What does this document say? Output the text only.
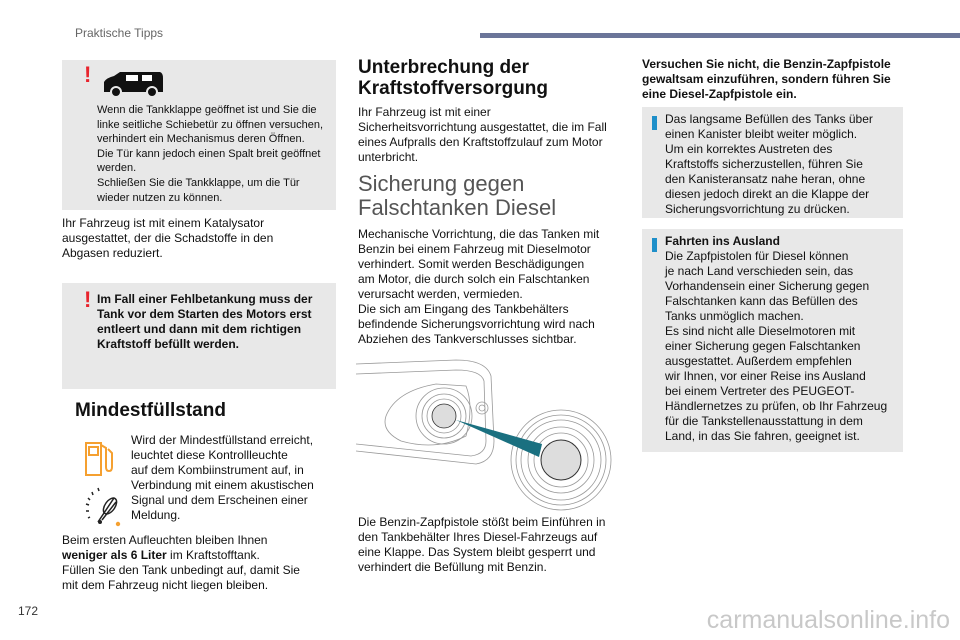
Praktische Tipps
!
Wenn die Tankklappe geöffnet ist und Sie die
linke seitliche Schiebetür zu öffnen versuchen,
verhindert ein Mechanismus deren Öffnen.
Die Tür kann jedoch einen Spalt breit geöffnet
werden.
Schließen Sie die Tankklappe, um die Tür
wieder nutzen zu können.
Ihr Fahrzeug ist mit einem Katalysator
ausgestattet, der die Schadstoffe in den
Abgasen reduziert.
! Im Fall einer Fehlbetankung muss der
Tank vor dem Starten des Motors erst
entleert und dann mit dem richtigen
Kraftstoff befüllt werden.
Mindestfüllstand
Wird der Mindestfüllstand erreicht,
leuchtet diese Kontrollleuchte
auf dem Kombiinstrument auf, in
Verbindung mit einem akustischen
Signal und dem Erscheinen einer
Meldung.
Beim ersten Aufleuchten bleiben Ihnen
weniger als 6 Liter im Kraftstofftank.
Füllen Sie den Tank unbedingt auf, damit Sie
mit dem Fahrzeug nicht liegen bleiben.
Unterbrechung der
Kraftstoffversorgung
Ihr Fahrzeug ist mit einer
Sicherheitsvorrichtung ausgestattet, die im Fall
eines Aufpralls den Kraftstoffzulauf zum Motor
unterbricht.
Sicherung gegen
Falschtanken Diesel
Mechanische Vorrichtung, die das Tanken mit
Benzin bei einem Fahrzeug mit Dieselmotor
verhindert. Somit werden Beschädigungen
am Motor, die durch solch ein Falschtanken
verursacht werden, vermieden.
Die sich am Eingang des Tankbehälters
befindende Sicherungsvorrichtung wird nach
Abziehen des Tankverschlusses sichtbar.
Die Benzin-Zapfpistole stößt beim Einführen in
den Tankbehälter Ihres Diesel-Fahrzeugs auf
eine Klappe. Das System bleibt gesperrt und
verhindert die Befüllung mit Benzin.
Versuchen Sie nicht, die Benzin-Zapfpistole
gewaltsam einzuführen, sondern führen Sie
eine Diesel-Zapfpistole ein.
Das langsame Befüllen des Tanks über
einen Kanister bleibt weiter möglich.
Um ein korrektes Austreten des
Kraftstoffs sicherzustellen, führen Sie
den Kanisteransatz nahe heran, ohne
diesen jedoch direkt an die Klappe der
Sicherungsvorrichtung zu drücken.
Fahrten ins Ausland
Die Zapfpistolen für Diesel können
je nach Land verschieden sein, das
Vorhandensein einer Sicherung gegen
Falschtanken kann das Befüllen des
Tanks unmöglich machen.
Es sind nicht alle Dieselmotoren mit
einer Sicherung gegen Falschtanken
ausgestattet. Außerdem empfehlen
wir Ihnen, vor einer Reise ins Ausland
bei einem Vertreter des PEUGEOT-
Händlernetzes zu prüfen, ob Ihr Fahrzeug
für die Tankstellenausstattung in dem
Land, in das Sie fahren, geeignet ist.
172	carmanualsonline.info
